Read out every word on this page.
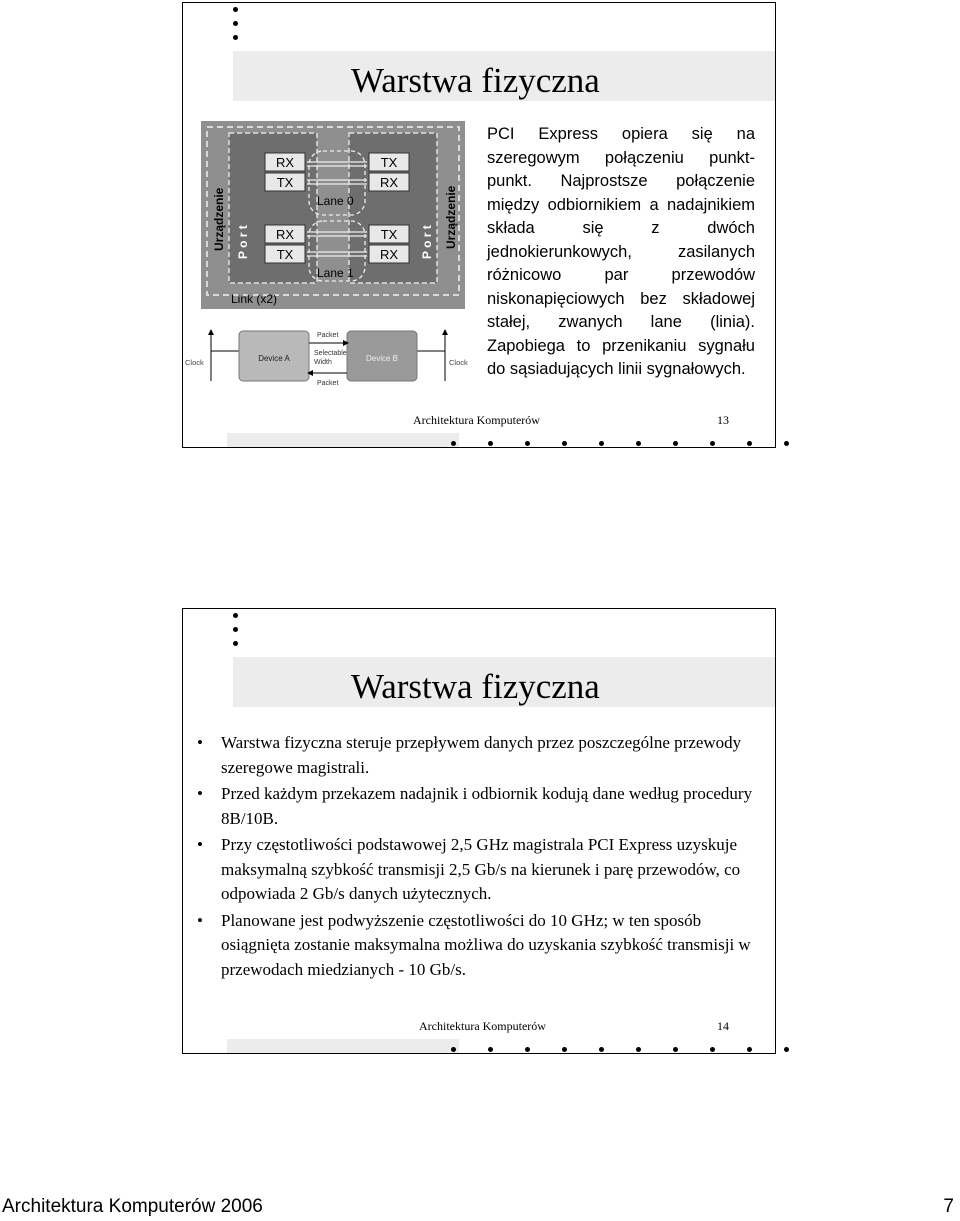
Warstwa fizyczna
Urządzenie P o r t	Urządzenie
P o r t
RX
TX
RX
TX
TX
RX
TX
RX
Lane 0
Lane 1
Link (x2)
Clock	Clock
Device A	Device B
Packet
Selectable
Width
Packet
PCI Express opiera się na szeregowym połączeniu punkt-punkt. Najprostsze połączenie między odbiornikiem a nadajnikiem składa się z dwóch jednokierunkowych, zasilanych różnicowo par przewodów niskonapięciowych bez składowej stałej, zwanych lane (linia). Zapobiega to przenikaniu sygnału do sąsiadujących linii sygnałowych.
Architektura Komputerów	13
Warstwa fizyczna
• Warstwa fizyczna steruje przepływem danych przez poszczególne przewody szeregowe magistrali.
• Przed każdym przekazem nadajnik i odbiornik kodują dane według procedury 8B/10B.
• Przy częstotliwości podstawowej 2,5 GHz magistrala PCI Express uzyskuje maksymalną szybkość transmisji 2,5 Gb/s na kierunek i parę przewodów, co odpowiada 2 Gb/s danych użytecznych.
• Planowane jest podwyższenie częstotliwości do 10 GHz; w ten sposób osiągnięta zostanie maksymalna możliwa do uzyskania szybkość transmisji w przewodach miedzianych - 10 Gb/s.
Architektura Komputerów	14
Architektura Komputerów 2006	7
